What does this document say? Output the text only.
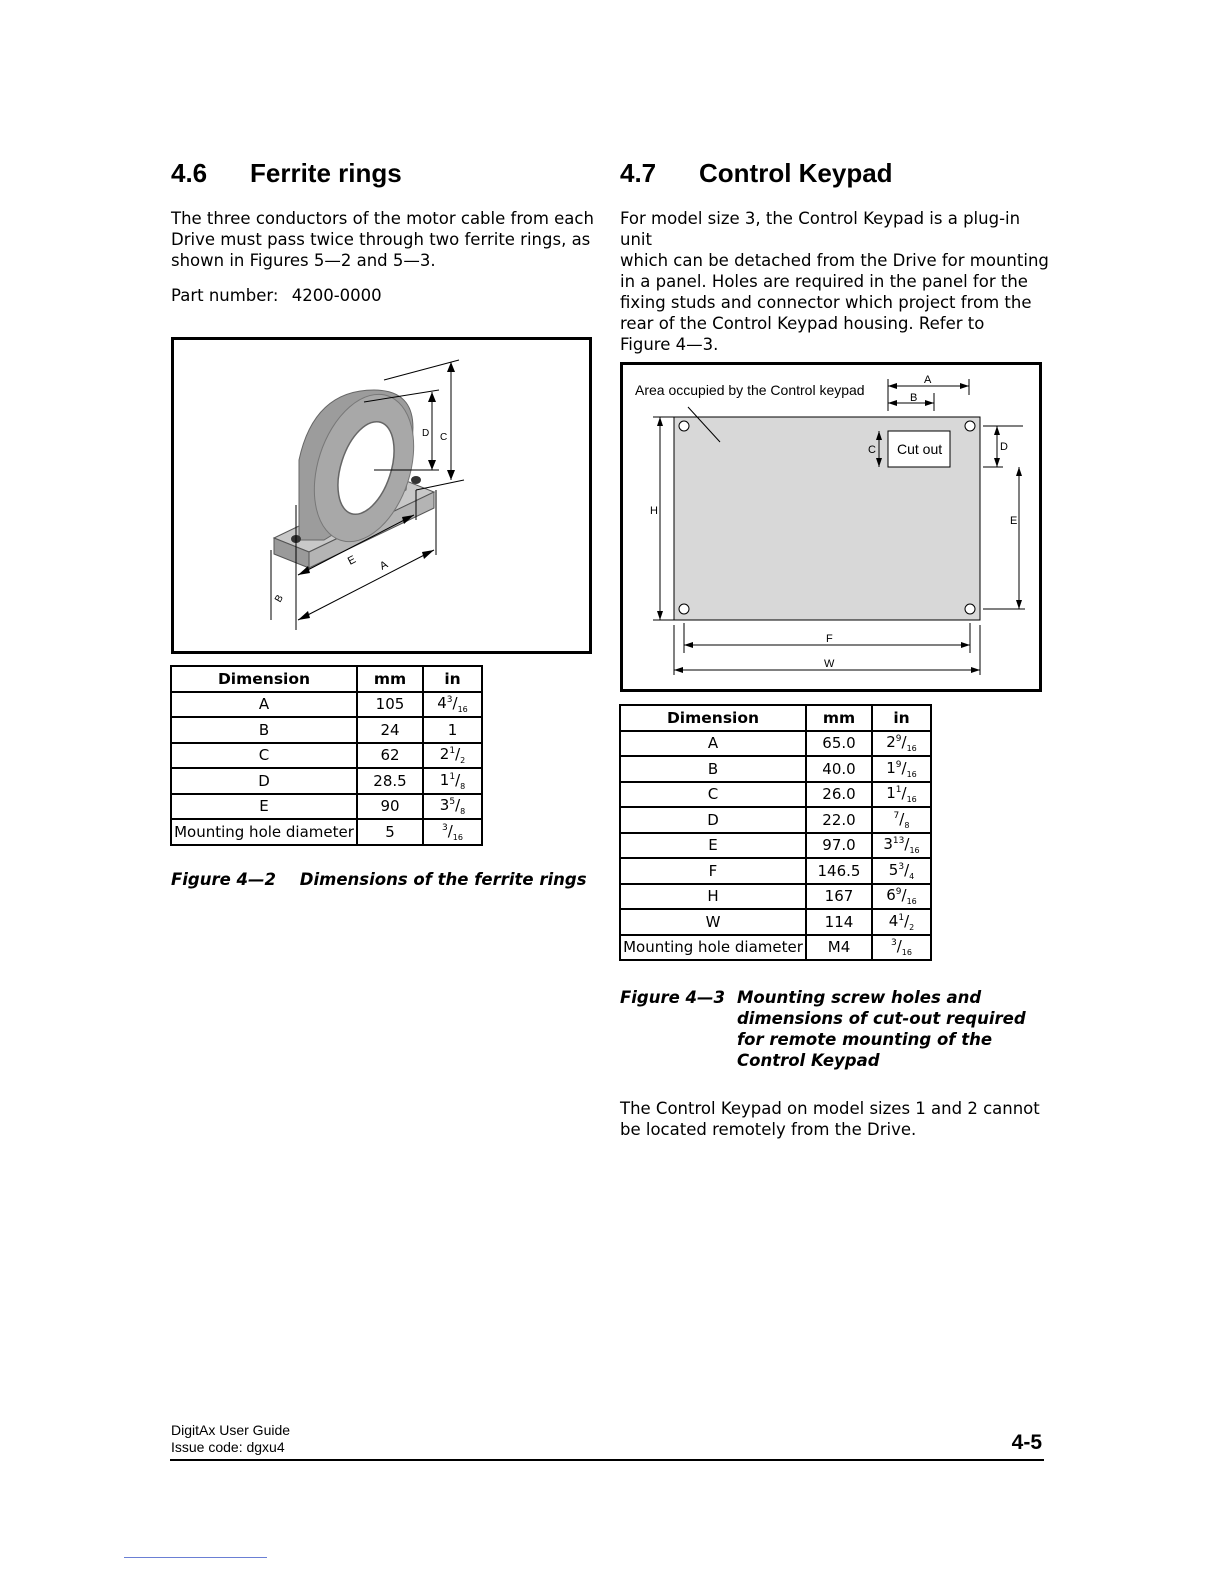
4.6 Ferrite rings

The three conductors of the motor cable from each

Drive must pass twice through two ferrite rings, as

shown in Figures 5—2 and 5—3.

Part number: 4200-0000
D C
E A
B
Dimension	mm	in
A	105	$4^3/_{16}$
B	24	1
C	62	$2^1/_2$
D	28.5	$1^1/_8$
E	90	$3^5/_8$
Mounting hole diameter	5	$^3/_{16}$
Figure 4—2 Dimensions of the ferrite rings
4.7 Control Keypad

For model size 3, the Control Keypad is a plug-in unit

which can be detached from the Drive for mounting

in a panel. Holes are required in the panel for the

fixing studs and connector which project from the

rear of the Control Keypad housing. Refer to

Figure 4—3.

Cut out
Area occupied by the Control keypad
A
B
C	D
E
H
F
W
Dimension	mm	in
A	65.0	$2^9/_{16}$
B	40.0	$1^9/_{16}$
C	26.0	$1^1/_{16}$
D	22.0	$^7/_8$
E	97.0	$3^{13}/_{16}$
F	146.5	$5^3/_4$
H	167	$6^9/_{16}$
W	114	$4^1/_2$
Mounting hole diameter	M4	$^3/_{16}$
Figure 4—3 Mounting screw holes and
dimensions of cut-out required
for remote mounting of the
Control Keypad

The Control Keypad on model sizes 1 and 2 cannot

be located remotely from the Drive.

DigitAx User Guide
Issue code: dgxu4	4-5
